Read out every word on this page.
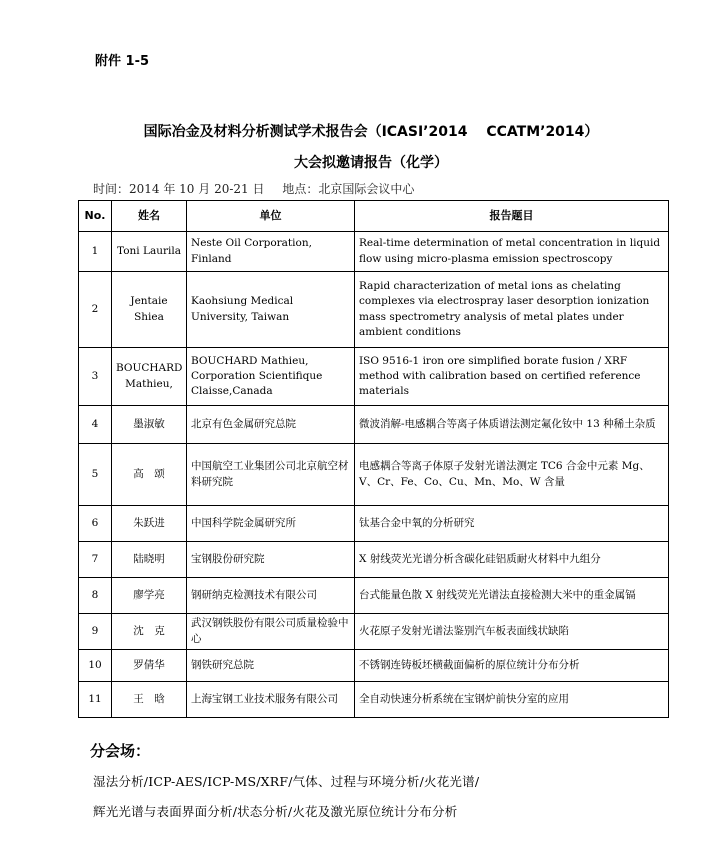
附件 1-5
国际冶金及材料分析测试学术报告会（ICASI’2014　 CCATM’2014）
大会拟邀请报告（化学）
时间：2014 年 10 月 20-21 日 地点：北京国际会议中心
No.	姓名	单位	报告题目
1	Toni Laurila	Neste Oil Corporation, Finland	Real-time determination of metal concentration in liquid flow using micro-plasma emission spectroscopy
2	Jentaie Shiea	Kaohsiung Medical University, Taiwan	Rapid characterization of metal ions as chelating complexes via electrospray laser desorption ionization mass spectrometry analysis of metal plates under ambient conditions
3	BOUCHARD Mathieu,	BOUCHARD Mathieu, Corporation Scientifique Claisse,Canada	ISO 9516-1 iron ore simplified borate fusion / XRF method with calibration based on certified reference materials
4	墨淑敏	北京有色金属研究总院	微波消解-电感耦合等离子体质谱法测定氟化钕中 13 种稀土杂质
5	高　颂	中国航空工业集团公司北京航空材料研究院	电感耦合等离子体原子发射光谱法测定 TC6 合金中元素 Mg、V、Cr、Fe、Co、Cu、Mn、Mo、W 含量
6	朱跃进	中国科学院金属研究所	钛基合金中氧的分析研究
7	陆晓明	宝钢股份研究院	X 射线荧光光谱分析含碳化硅铝质耐火材料中九组分
8	廖学亮	钢研纳克检测技术有限公司	台式能量色散 X 射线荧光光谱法直接检测大米中的重金属镉
9	沈　克	武汉钢铁股份有限公司质量检验中心	火花原子发射光谱法鉴别汽车板表面线状缺陷
10	罗倩华	钢铁研究总院	不锈钢连铸板坯横截面偏析的原位统计分布分析
11	王　晗	上海宝钢工业技术服务有限公司	全自动快速分析系统在宝钢炉前快分室的应用
分会场：
湿法分析/ICP-AES/ICP-MS/XRF/气体、过程与环境分析/火花光谱/
辉光光谱与表面界面分析/状态分析/火花及激光原位统计分布分析
